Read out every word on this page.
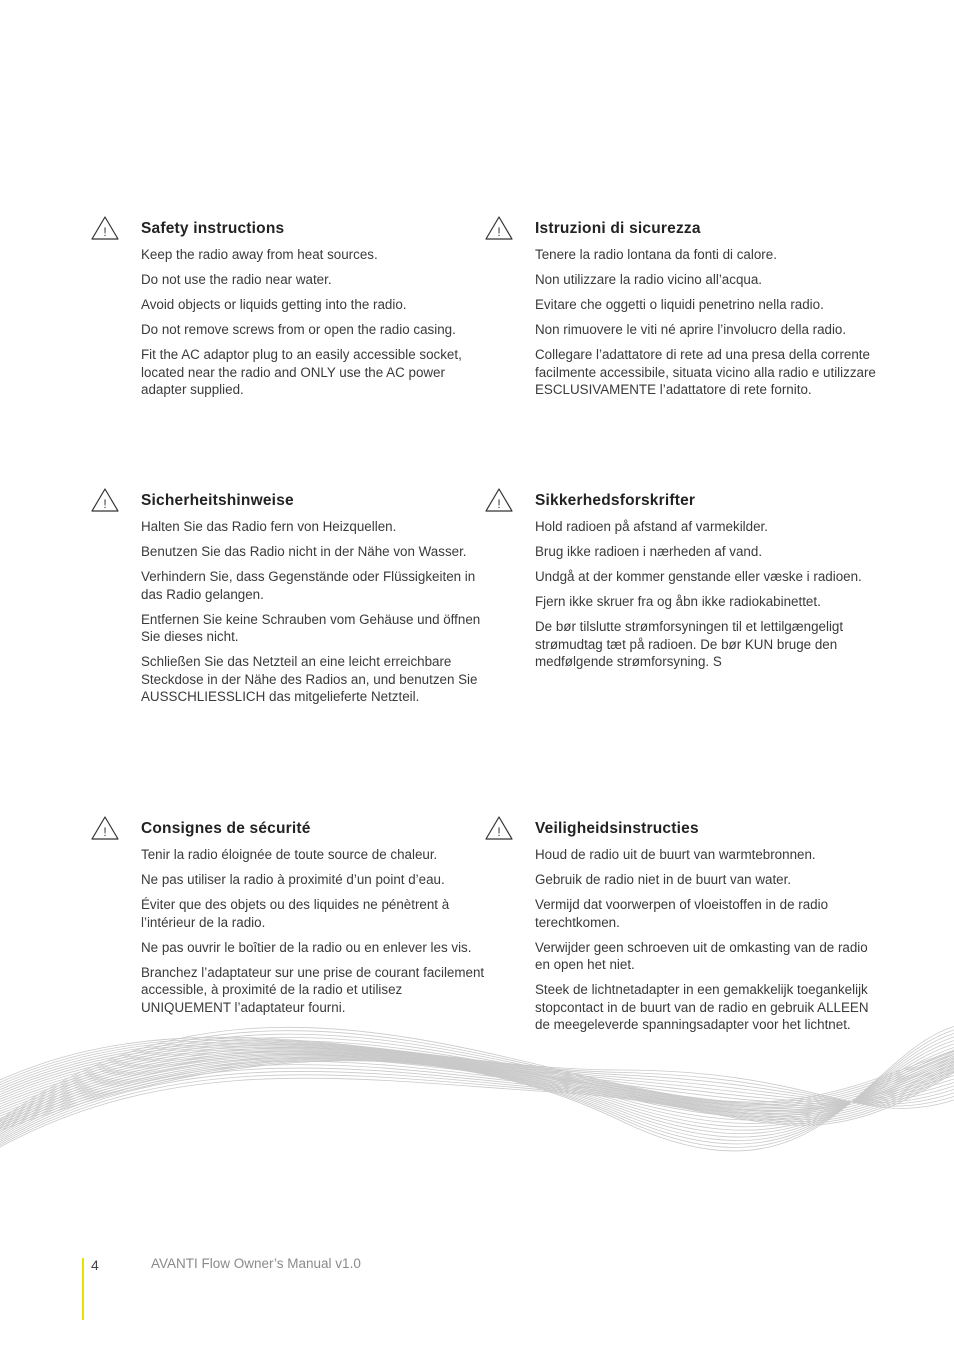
! Safety instructions

Keep the radio away from heat sources.

Do not use the radio near water.

Avoid objects or liquids getting into the radio.

Do not remove screws from or open the radio casing.

Fit the AC adaptor plug to an easily accessible socket, located near the radio and ONLY use the AC power adapter supplied.

! Istruzioni di sicurezza

Tenere la radio lontana da fonti di calore.

Non utilizzare la radio vicino all’acqua.

Evitare che oggetti o liquidi penetrino nella radio.

Non rimuovere le viti né aprire l’involucro della radio.

Collegare l’adattatore di rete ad una presa della corrente facilmente accessibile, situata vicino alla radio e utilizzare ESCLUSIVAMENTE l’adattatore di rete fornito.

! Sicherheitshinweise

Halten Sie das Radio fern von Heizquellen.

Benutzen Sie das Radio nicht in der Nähe von Wasser.

Verhindern Sie, dass Gegenstände oder Flüssigkeiten in das Radio gelangen.

Entfernen Sie keine Schrauben vom Gehäuse und öffnen Sie dieses nicht.

Schließen Sie das Netzteil an eine leicht erreichbare Steckdose in der Nähe des Radios an, und benutzen Sie AUSSCHLIESSLICH das mitgelieferte Netzteil.

! Sikkerhedsforskrifter

Hold radioen på afstand af varmekilder.

Brug ikke radioen i nærheden af vand.

Undgå at der kommer genstande eller væske i radioen.

Fjern ikke skruer fra og åbn ikke radiokabinettet.

De bør tilslutte strømforsyningen til et lettilgængeligt strømudtag tæt på radioen. De bør KUN bruge den medfølgende strømforsyning. S

! Consignes de sécurité

Tenir la radio éloignée de toute source de chaleur.

Ne pas utiliser la radio à proximité d’un point d’eau.

Éviter que des objets ou des liquides ne pénètrent à l’intérieur de la radio.

Ne pas ouvrir le boîtier de la radio ou en enlever les vis.

Branchez l’adaptateur sur une prise de courant facilement accessible, à proximité de la radio et utilisez UNIQUEMENT l’adaptateur fourni.

! Veiligheidsinstructies

Houd de radio uit de buurt van warmtebronnen.

Gebruik de radio niet in de buurt van water.

Vermijd dat voorwerpen of vloeistoffen in de radio terechtkomen.

Verwijder geen schroeven uit de omkasting van de radio en open het niet.

Steek de lichtnetadapter in een gemakkelijk toegankelijk stopcontact in de buurt van de radio en gebruik ALLEEN de meegeleverde spanningsadapter voor het lichtnet.

4	AVANTI Flow Owner’s Manual v1.0
